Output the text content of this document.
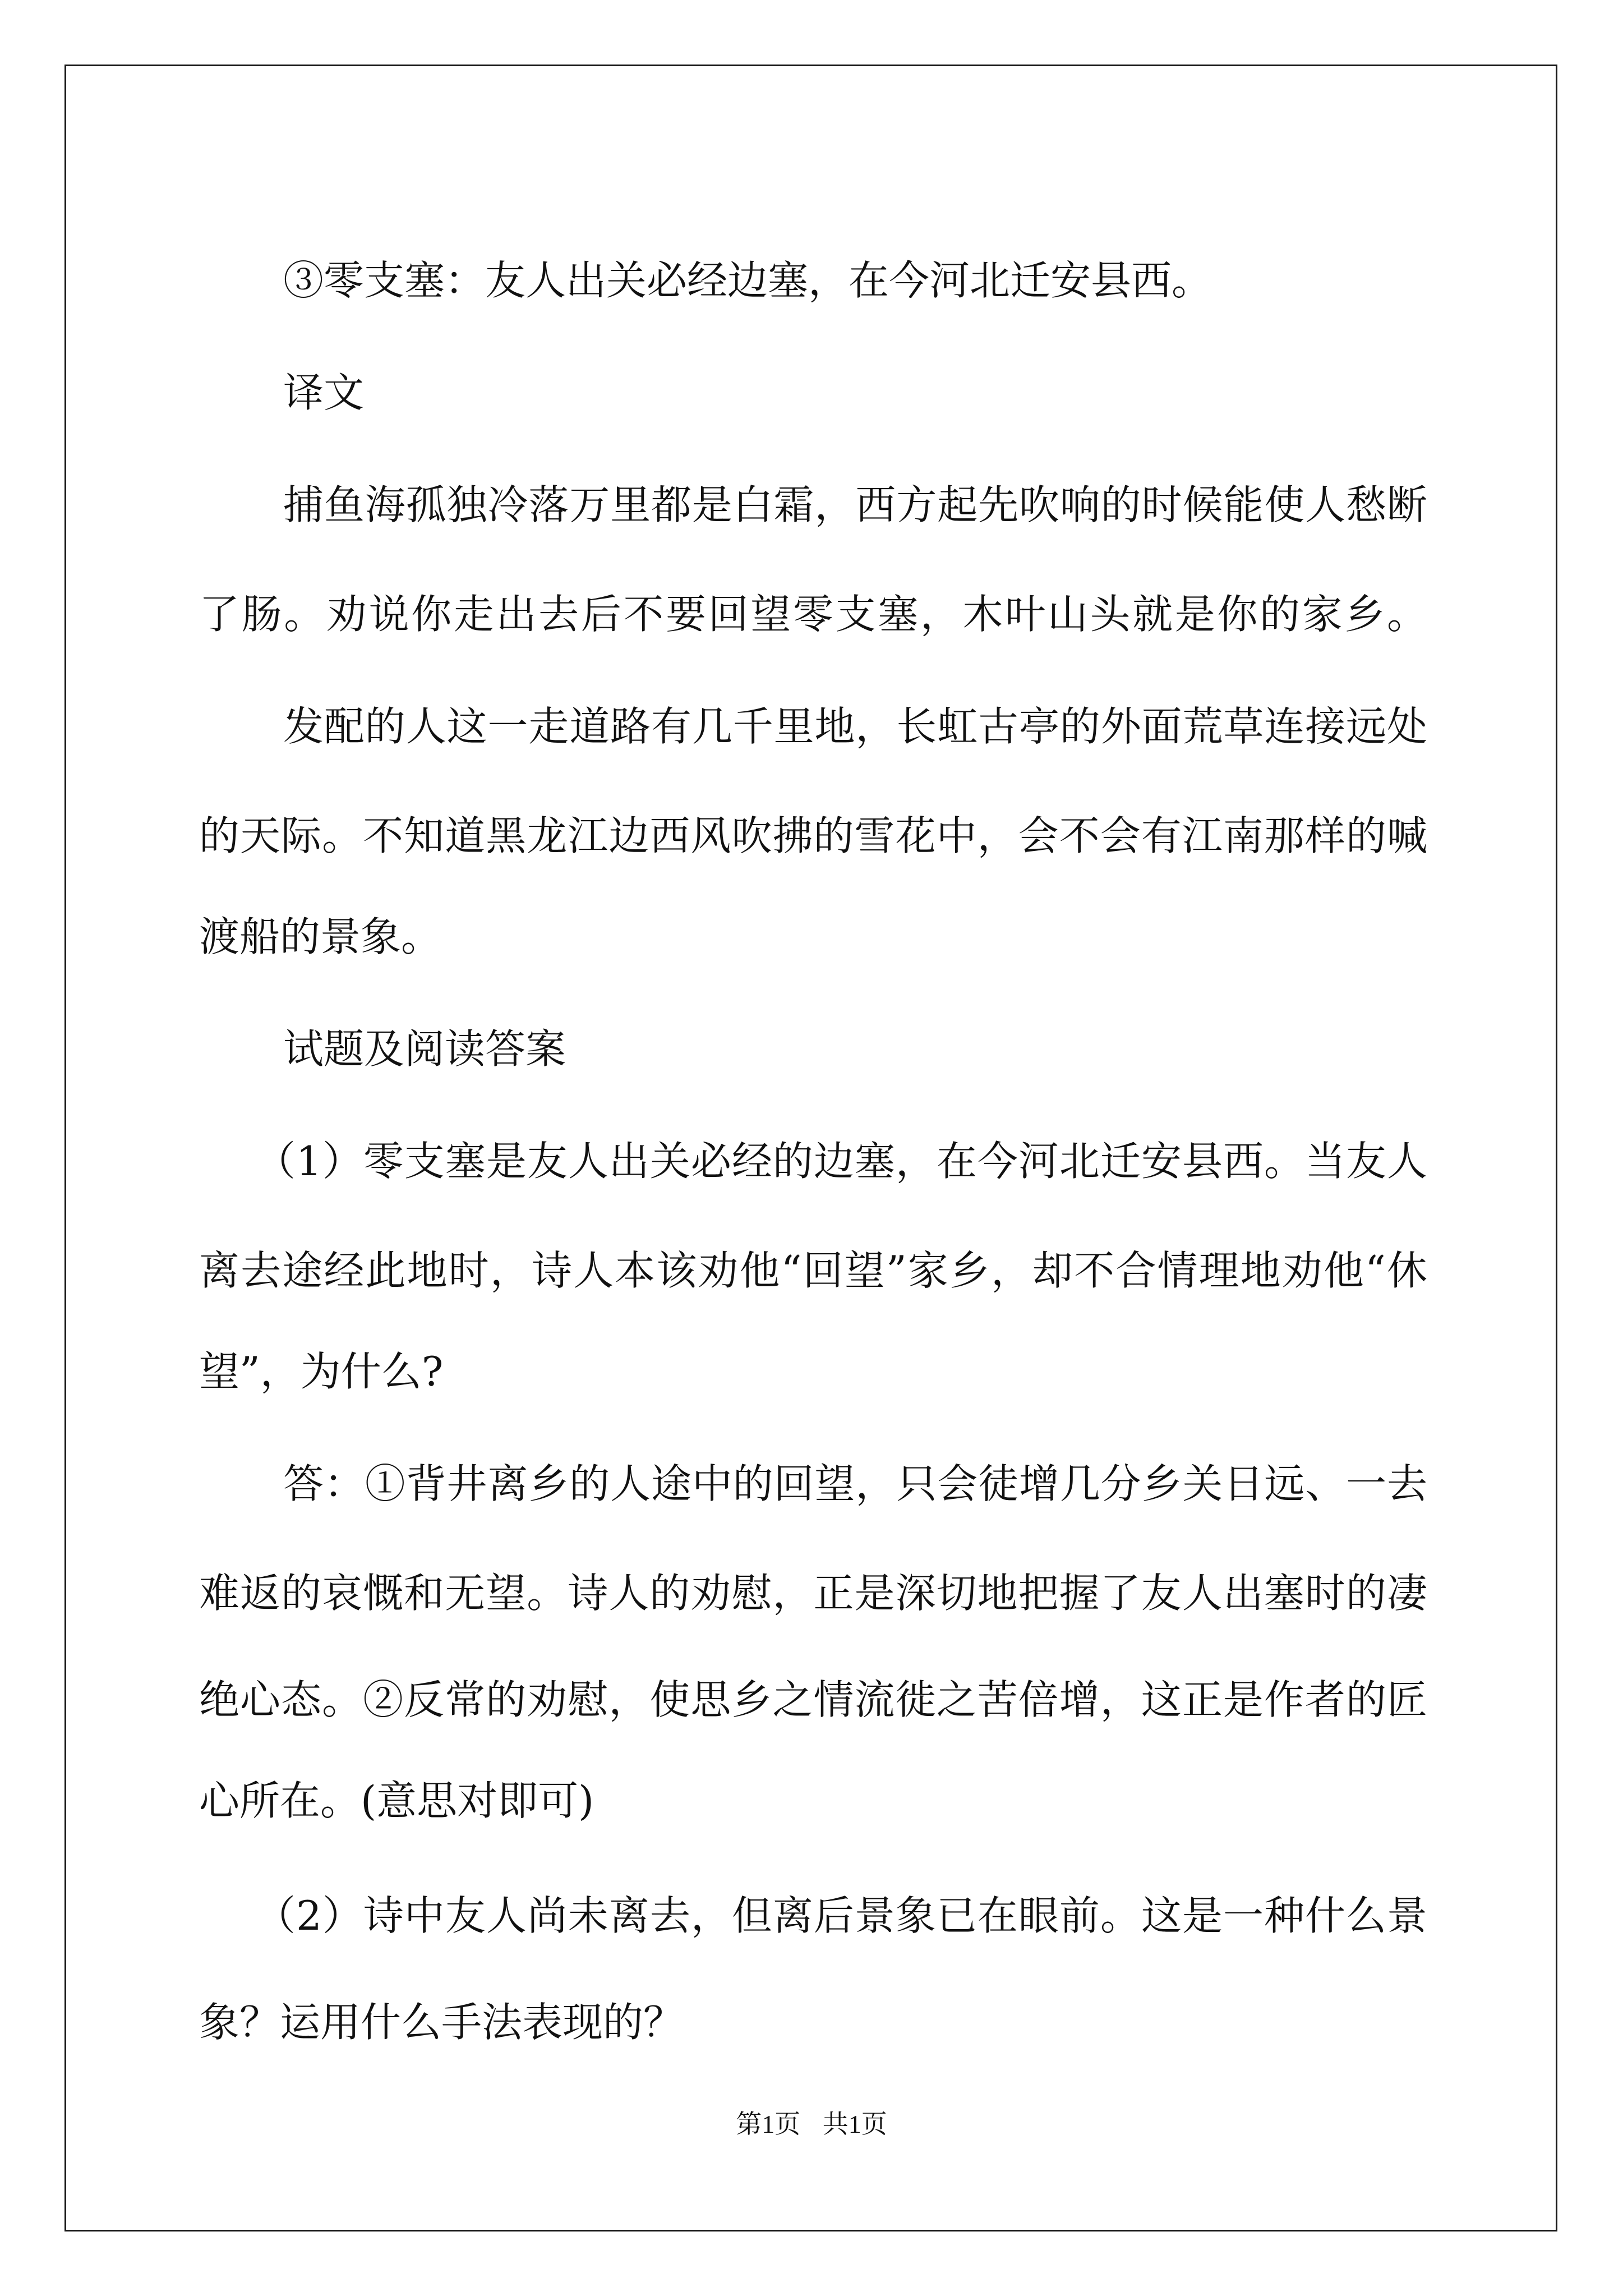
③零支塞：友人出关必经边塞，在今河北迁安县西。

译文

捕鱼海孤独冷落万里都是白霜，西方起先吹响的时候能使人愁断

了肠。劝说你走出去后不要回望零支塞，木叶山头就是你的家乡。

发配的人这一走道路有几千里地，长虹古亭的外面荒草连接远处

的天际。不知道黑龙江边西风吹拂的雪花中，会不会有江南那样的喊

渡船的景象。

试题及阅读答案

（1）零支塞是友人出关必经的边塞，在今河北迁安县西。当友人

离去途经此地时，诗人本该劝他“回望”家乡，却不合情理地劝他“休

望”，为什么?

答：①背井离乡的人途中的回望，只会徒增几分乡关日远、一去

难返的哀慨和无望。诗人的劝慰，正是深切地把握了友人出塞时的凄

绝心态。②反常的劝慰，使思乡之情流徙之苦倍增，这正是作者的匠

心所在。(意思对即可)

（2）诗中友人尚未离去，但离后景象已在眼前。这是一种什么景

象？运用什么手法表现的？

第1页 共1页
